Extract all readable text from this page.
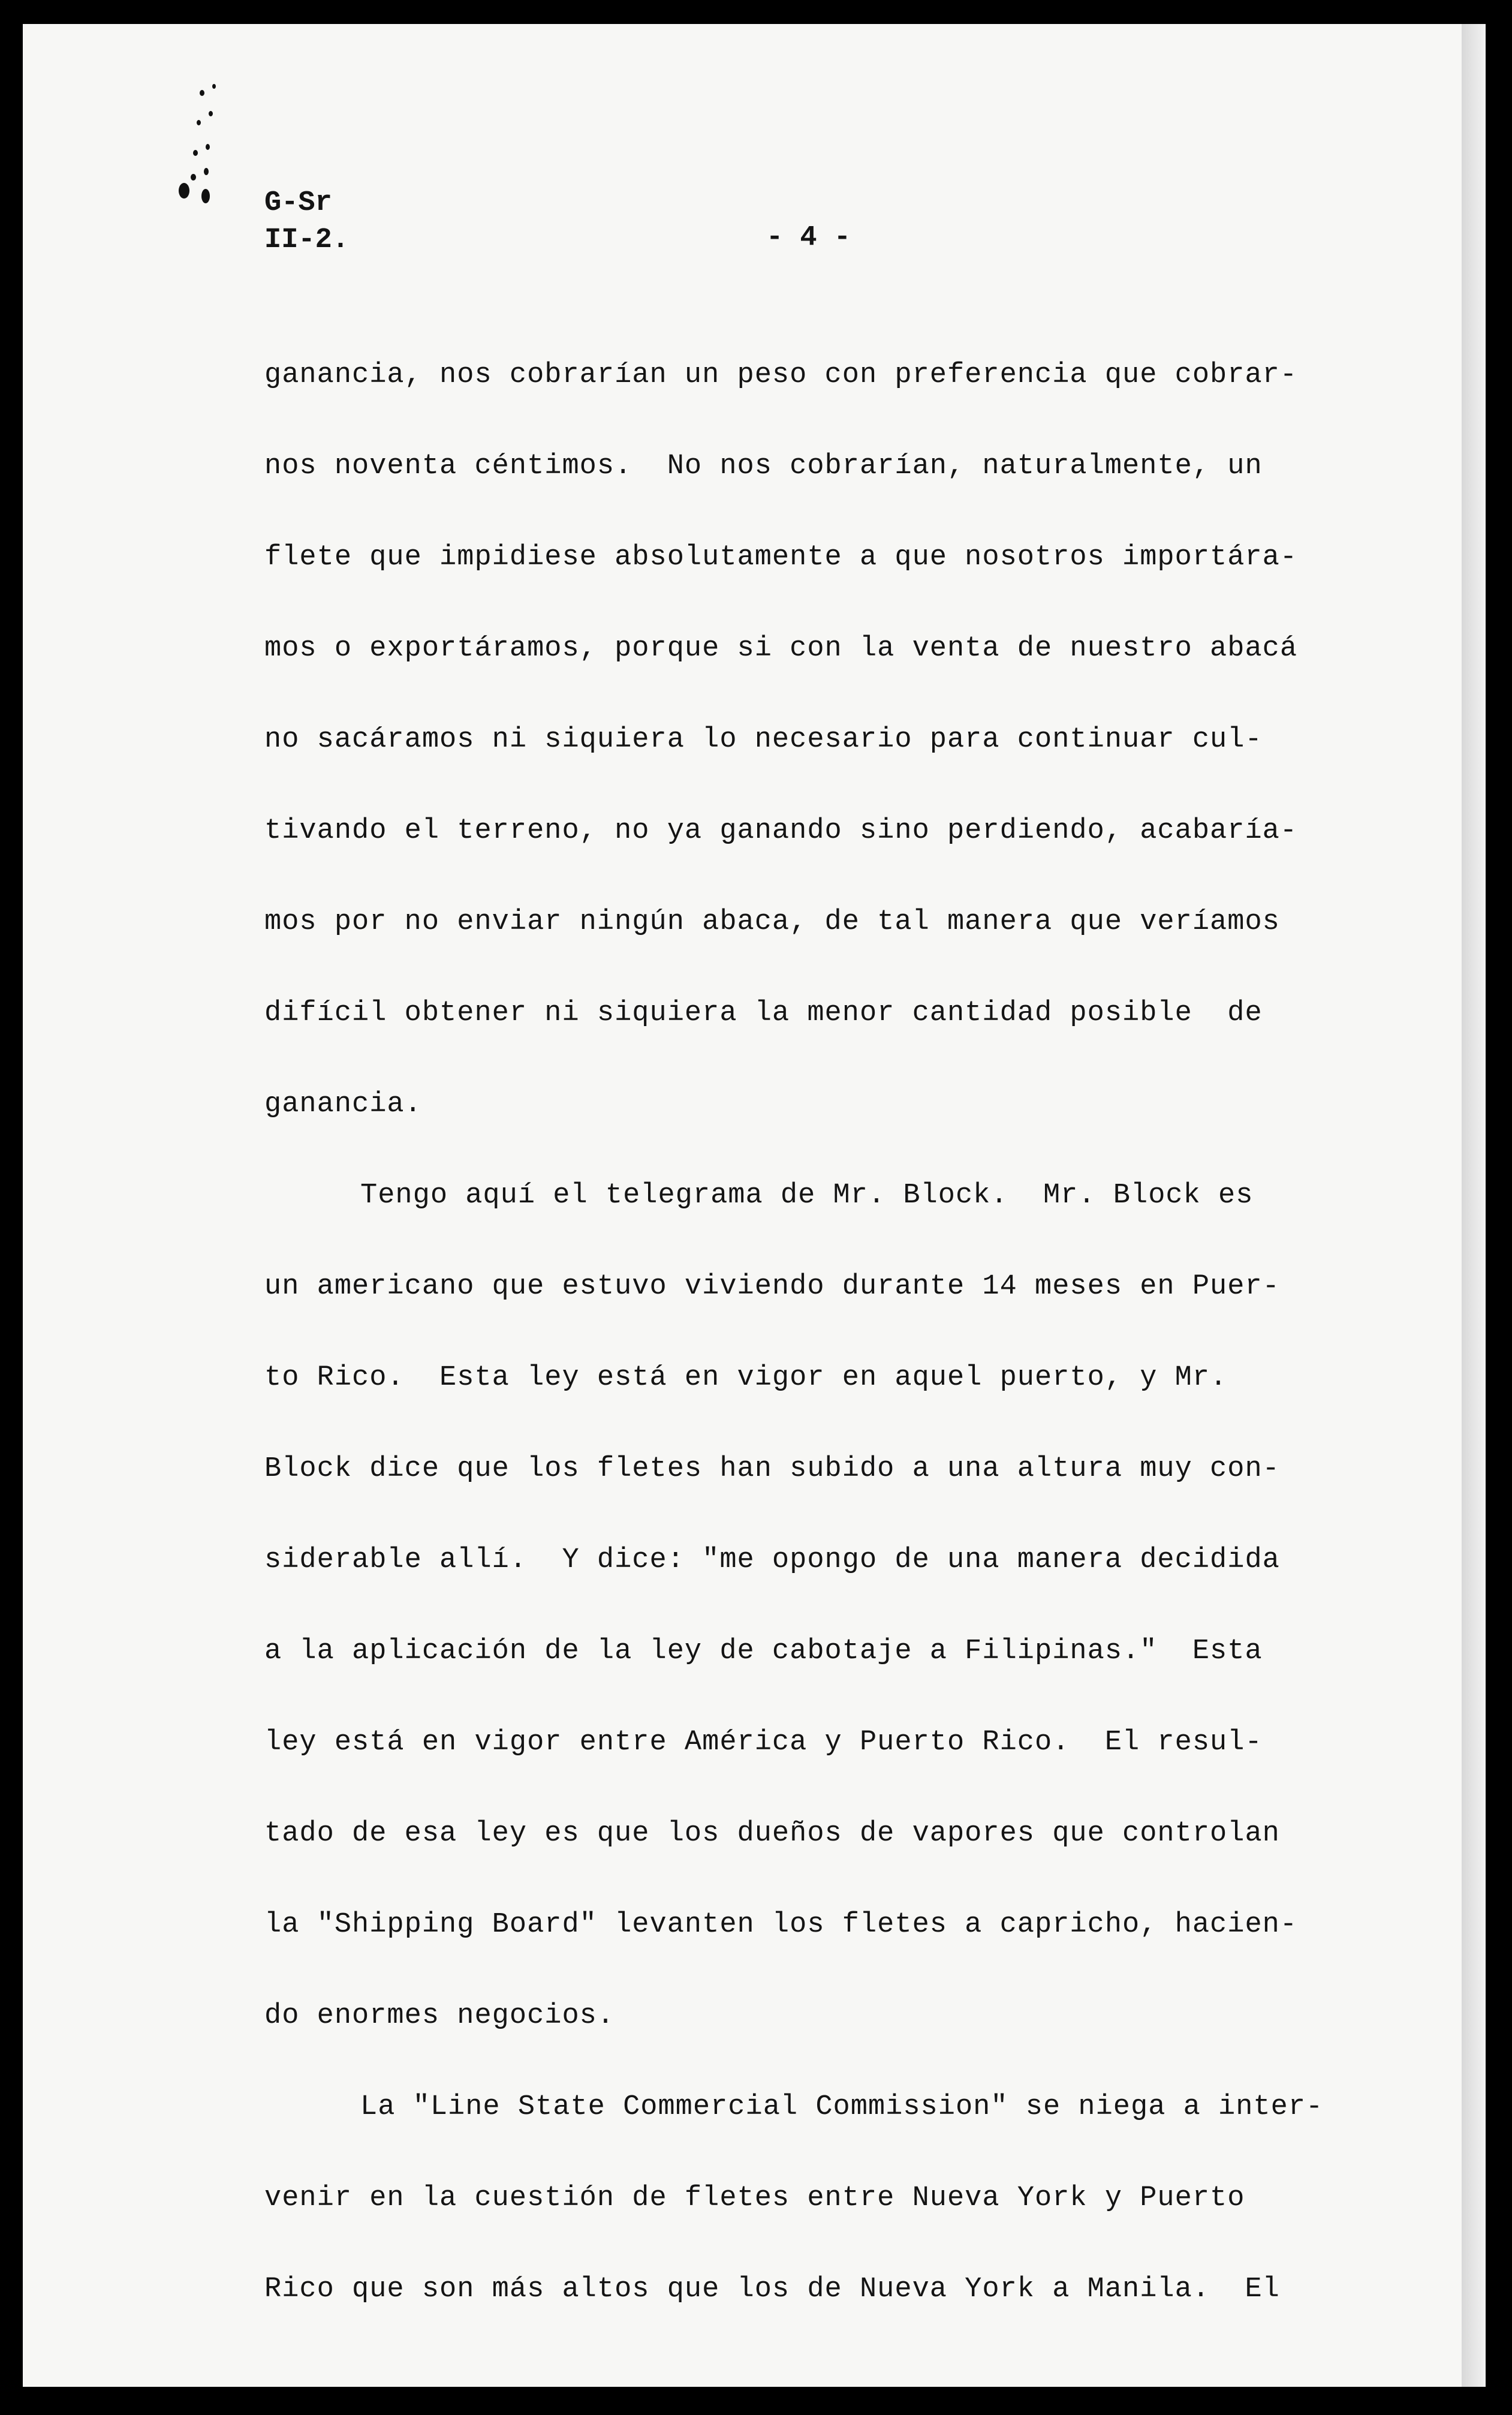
G-Sr
II-2.	- 4 -
ganancia, nos cobrarían un peso con preferencia que cobrar-
nos noventa céntimos.  No nos cobrarían, naturalmente, un
flete que impidiese absolutamente a que nosotros importára-
mos o exportáramos, porque si con la venta de nuestro abacá
no sacáramos ni siquiera lo necesario para continuar cul-
tivando el terreno, no ya ganando sino perdiendo, acabaría-
mos por no enviar ningún abaca, de tal manera que veríamos
difícil obtener ni siquiera la menor cantidad posible  de
ganancia.
Tengo aquí el telegrama de Mr. Block.  Mr. Block es
un americano que estuvo viviendo durante 14 meses en Puer-
to Rico.  Esta ley está en vigor en aquel puerto, y Mr.
Block dice que los fletes han subido a una altura muy con-
siderable allí.  Y dice: "me opongo de una manera decidida
a la aplicación de la ley de cabotaje a Filipinas."  Esta
ley está en vigor entre América y Puerto Rico.  El resul-
tado de esa ley es que los dueños de vapores que controlan
la "Shipping Board" levanten los fletes a capricho, hacien-
do enormes negocios.
La "Line State Commercial Commission" se niega a inter-
venir en la cuestión de fletes entre Nueva York y Puerto
Rico que son más altos que los de Nueva York a Manila.  El
